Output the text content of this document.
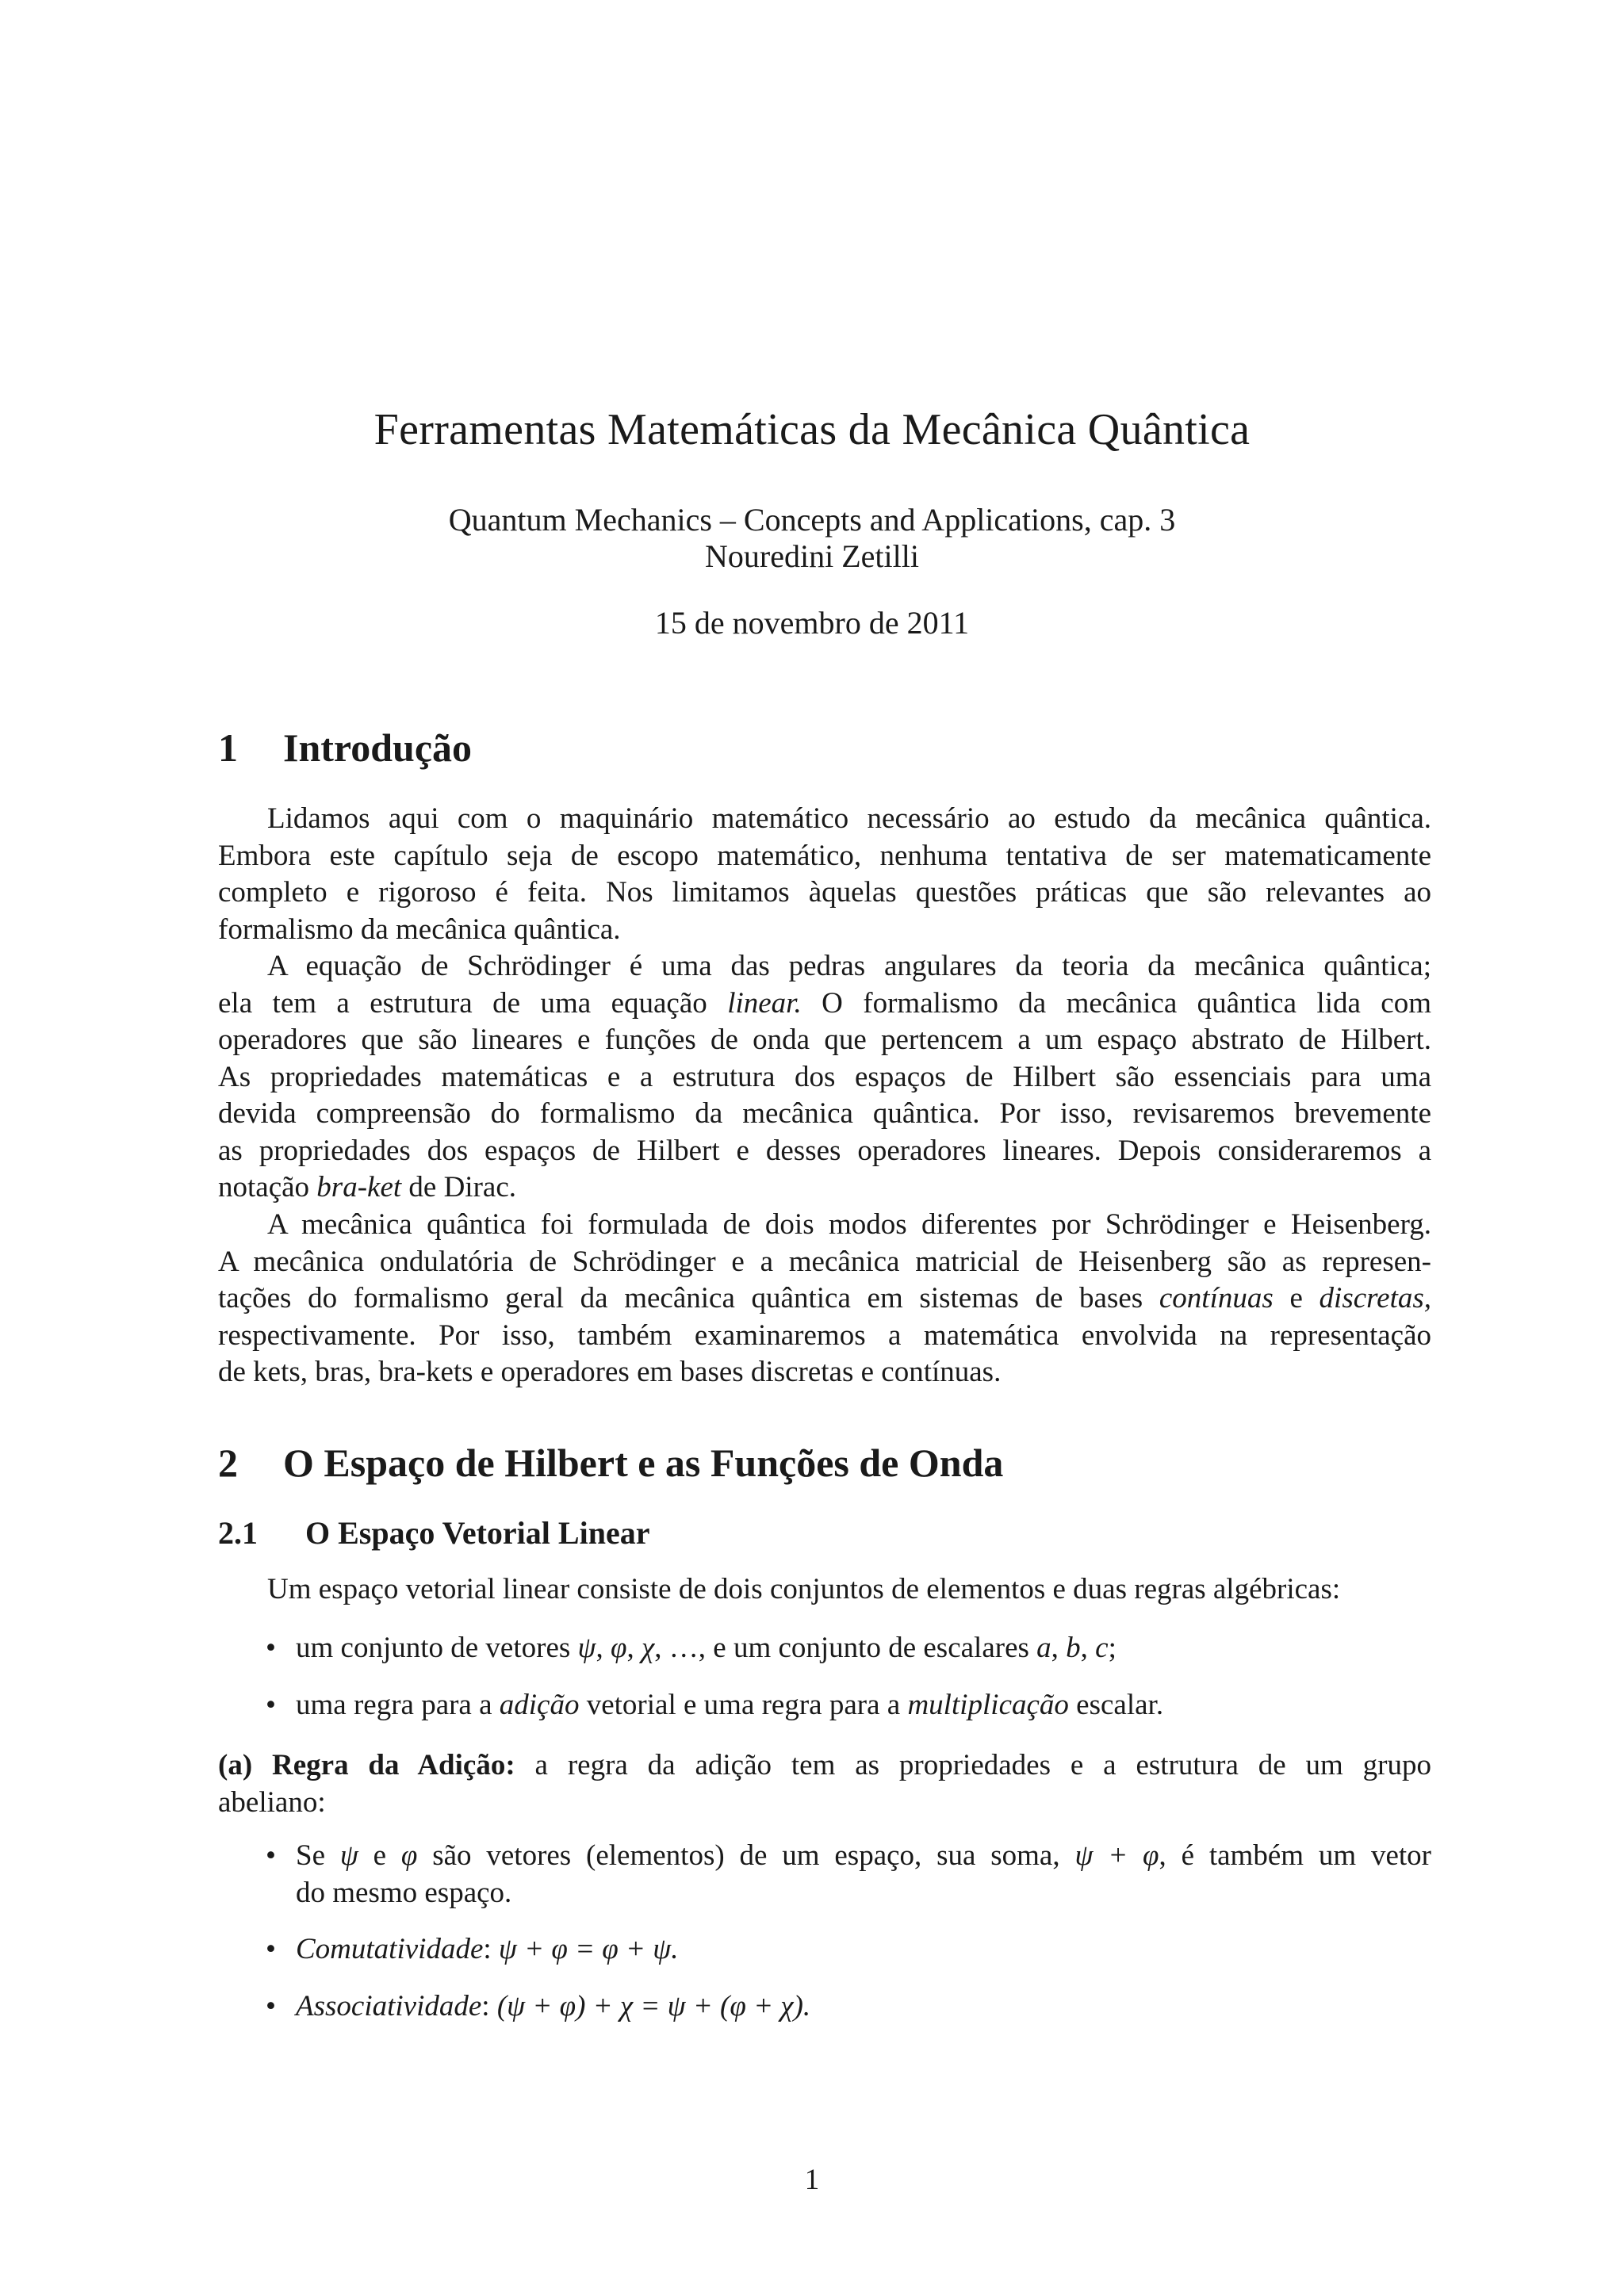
Ferramentas Matemáticas da Mecânica Quântica
Quantum Mechanics – Concepts and Applications, cap. 3
Nouredini Zetilli
15 de novembro de 2011
1 Introdução
Lidamos aqui com o maquinário matemático necessário ao estudo da mecânica quântica.
Embora este capítulo seja de escopo matemático, nenhuma tentativa de ser matematicamente
completo e rigoroso é feita. Nos limitamos àquelas questões práticas que são relevantes ao
formalismo da mecânica quântica.
A equação de Schrödinger é uma das pedras angulares da teoria da mecânica quântica;
ela tem a estrutura de uma equação linear. O formalismo da mecânica quântica lida com
operadores que são lineares e funções de onda que pertencem a um espaço abstrato de Hilbert.
As propriedades matemáticas e a estrutura dos espaços de Hilbert são essenciais para uma
devida compreensão do formalismo da mecânica quântica. Por isso, revisaremos brevemente
as propriedades dos espaços de Hilbert e desses operadores lineares. Depois consideraremos a
notação bra-ket de Dirac.
A mecânica quântica foi formulada de dois modos diferentes por Schrödinger e Heisenberg.
A mecânica ondulatória de Schrödinger e a mecânica matricial de Heisenberg são as represen-
tações do formalismo geral da mecânica quântica em sistemas de bases contínuas e discretas,
respectivamente. Por isso, também examinaremos a matemática envolvida na representação
de kets, bras, bra-kets e operadores em bases discretas e contínuas.
2 O Espaço de Hilbert e as Funções de Onda
2.1 O Espaço Vetorial Linear
Um espaço vetorial linear consiste de dois conjuntos de elementos e duas regras algébricas:
• um conjunto de vetores ψ, φ, χ, …, e um conjunto de escalares a, b, c;
• uma regra para a adição vetorial e uma regra para a multiplicação escalar.
(a) Regra da Adição: a regra da adição tem as propriedades e a estrutura de um grupo
abeliano:
• Se ψ e φ são vetores (elementos) de um espaço, sua soma, ψ + φ, é também um vetor
do mesmo espaço.
• Comutatividade: ψ + φ = φ + ψ.
• Associatividade: (ψ + φ) + χ = ψ + (φ + χ).
1
